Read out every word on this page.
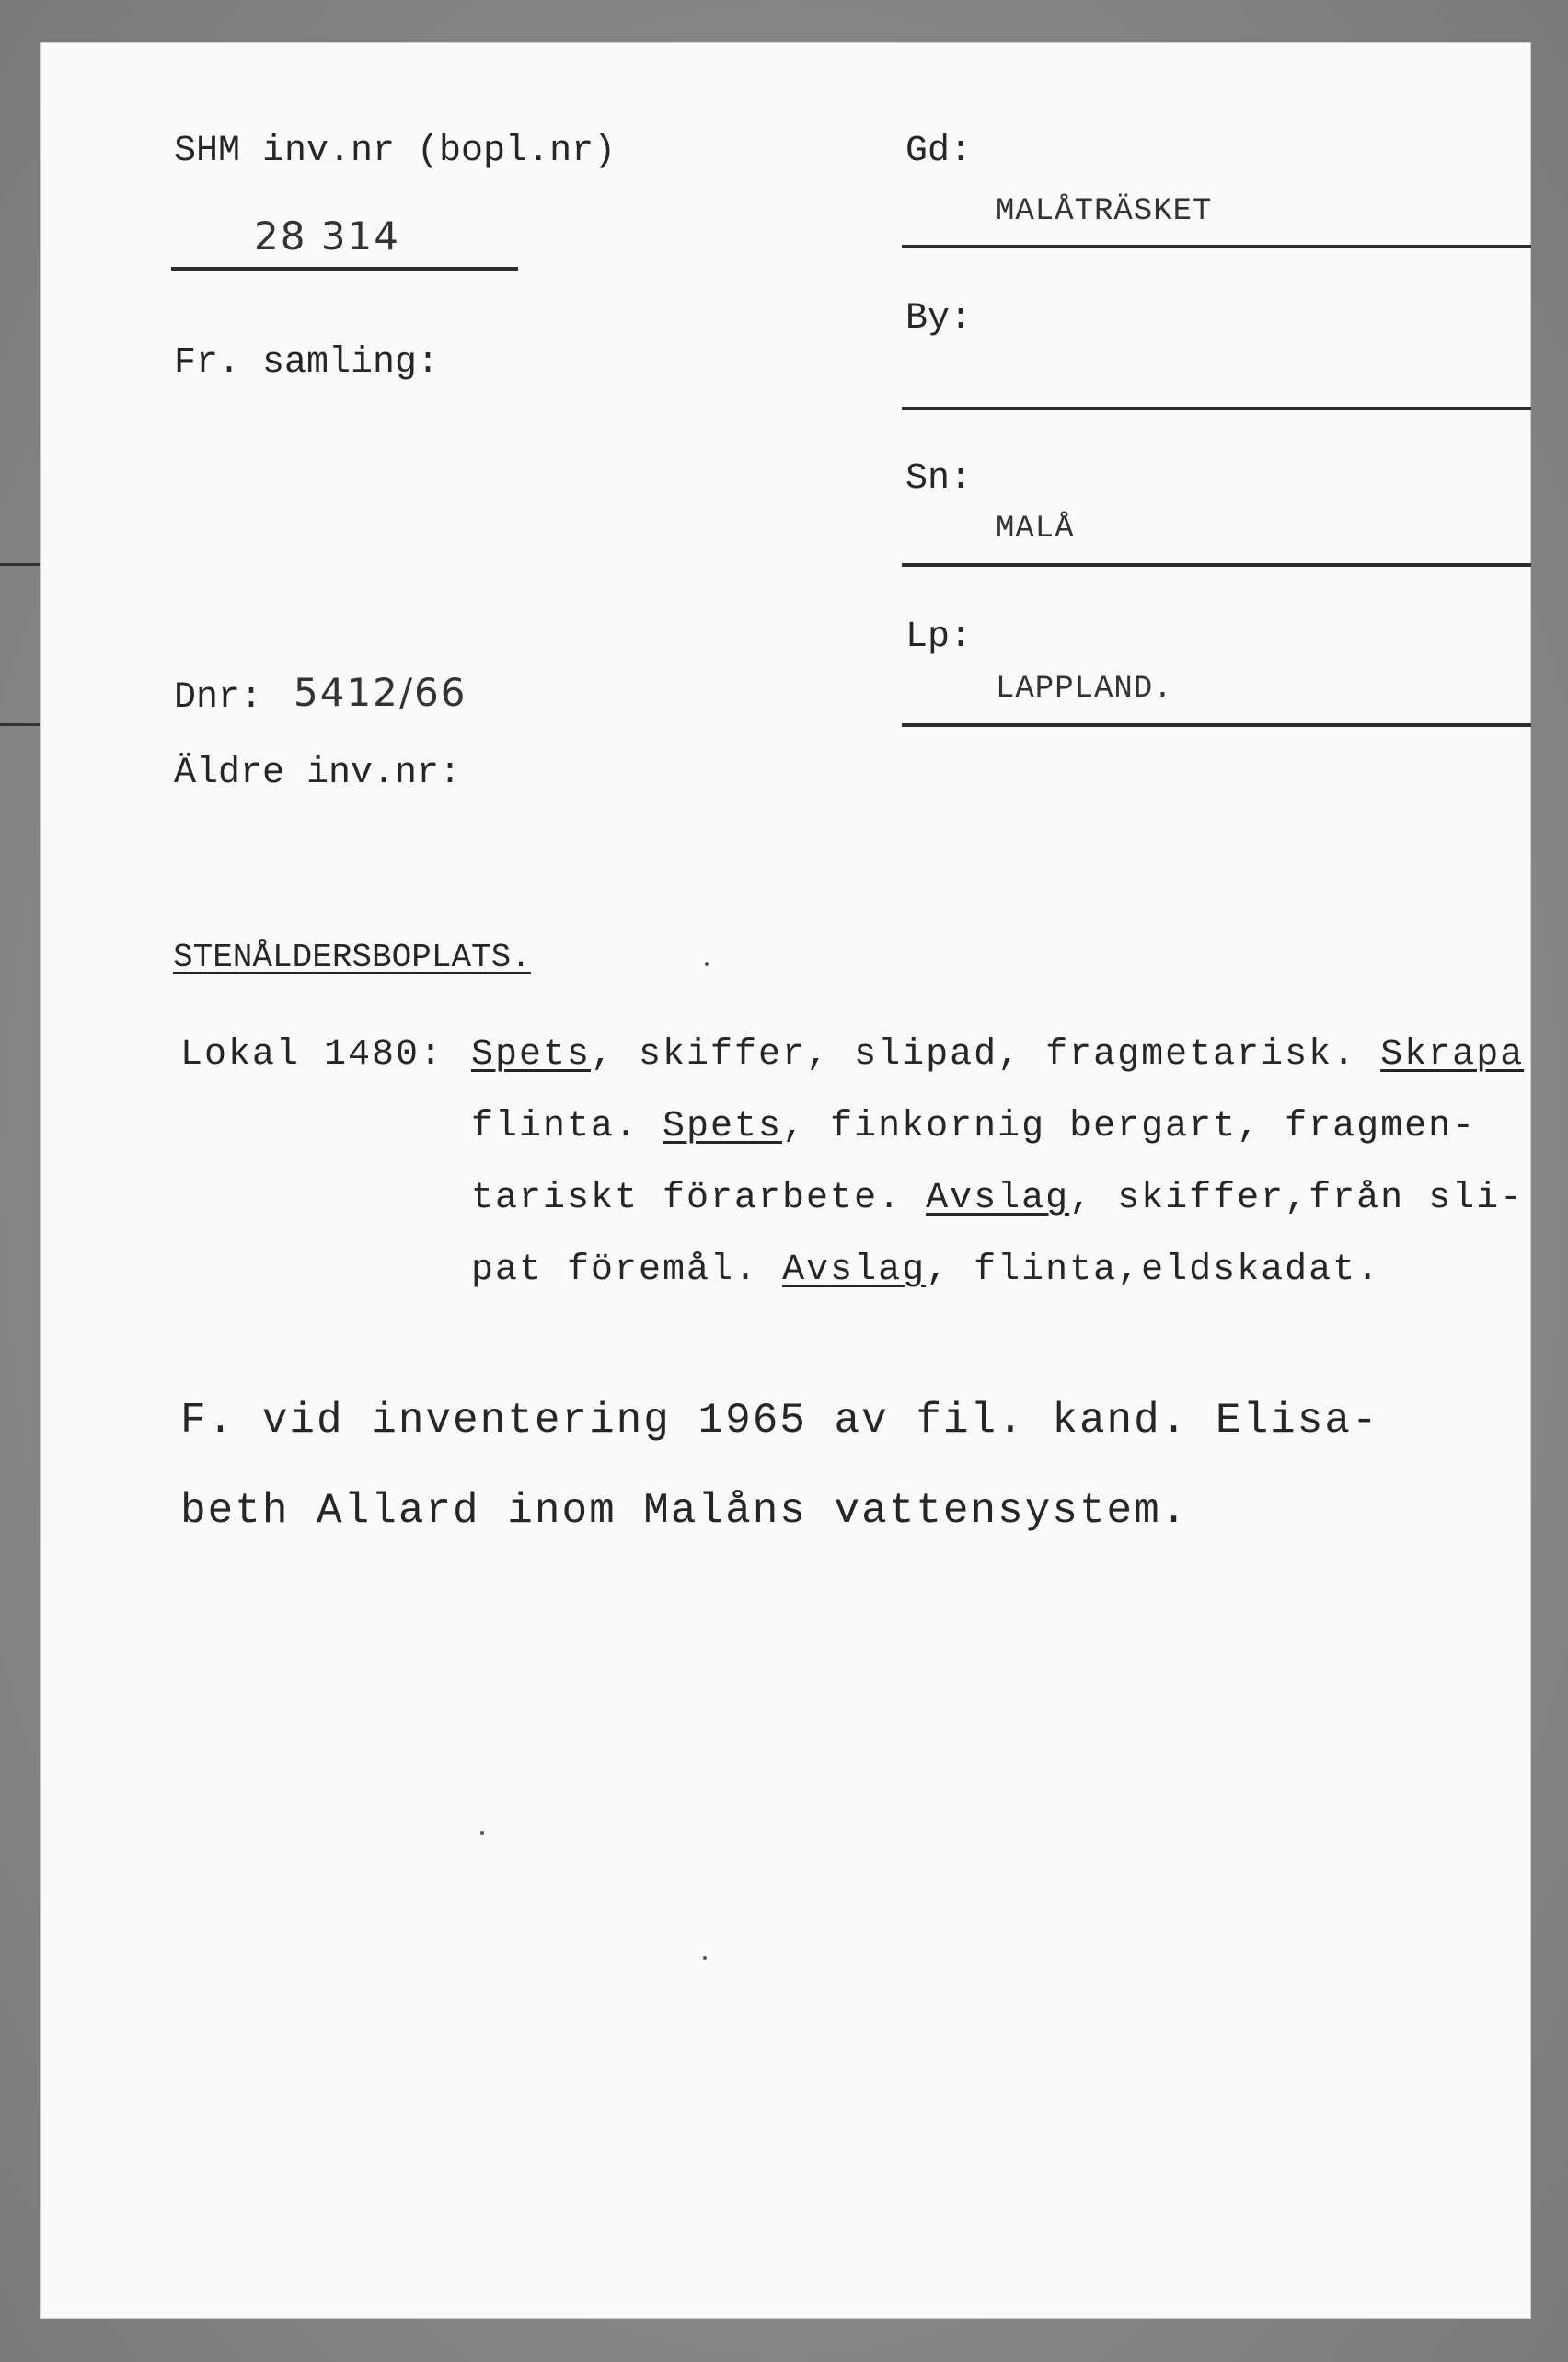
SHM inv.nr (bopl.nr)
28 314
Fr. samling:
Dnr: 5412/66
Äldre inv.nr:
Gd:
MALÅTRÄSKET
By:
Sn:
MALÅ
Lp:
LAPPLAND.
STENÅLDERSBOPLATS.
Lokal 1480: Spets, skiffer, slipad, fragmetarisk. Skrapa
flinta. Spets, finkornig bergart, fragmen-
tariskt förarbete. Avslag, skiffer,från sli-
pat föremål. Avslag, flinta,eldskadat.
F. vid inventering 1965 av fil. kand. Elisa-
beth Allard inom Malåns vattensystem.
